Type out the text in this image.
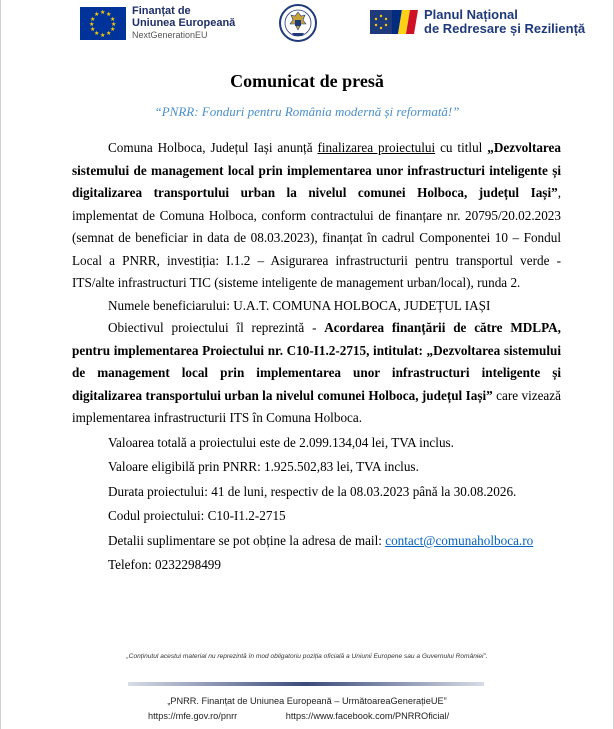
★ ★
★
★
★
★
★
★
★
★
★
★	Finanțat de
Uniunea Europeană
NextGenerationEU
Planul Național
de Redresare și Reziliență
Comunicat de presă
“PNRR: Fonduri pentru România modernă și reformată!”

Comuna Holboca, Județul Iași anunță finalizarea proiectului cu titlul „Dezvoltarea sistemului de management local prin implementarea unor infrastructuri inteligente și digitalizarea transportului urban la nivelul comunei Holboca, județul Iași”, implementat de Comuna Holboca, conform contractului de finanțare nr. 20795/20.02.2023 (semnat de beneficiar in data de 08.03.2023), finanțat în cadrul Componentei 10 – Fondul Local a PNRR, investiția: I.1.2 – Asigurarea infrastructurii pentru transportul verde - ITS/alte infrastructuri TIC (sisteme inteligente de management urban/local), runda 2.

Numele beneficiarului: U.A.T. COMUNA HOLBOCA, JUDEȚUL IAȘI

Obiectivul proiectului îl reprezintă - Acordarea finanțării de către MDLPA, pentru implementarea Proiectului nr. C10-I1.2-2715, intitulat: „Dezvoltarea sistemului de management local prin implementarea unor infrastructuri inteligente și digitalizarea transportului urban la nivelul comunei Holboca, județul Iași” care vizează implementarea infrastructurii ITS în Comuna Holboca.

Valoarea totală a proiectului este de 2.099.134,04 lei, TVA inclus.
Valoare eligibilă prin PNRR: 1.925.502,83 lei, TVA inclus.
Durata proiectului: 41 de luni, respectiv de la 08.03.2023 până la 30.08.2026.
Codul proiectului: C10-I1.2-2715
Detalii suplimentare se pot obține la adresa de mail: contact@comunaholboca.ro
Telefon: 0232298499
„Conținutul acestui material nu reprezintă în mod obligatoriu poziția oficială a Uniunii Europene sau a Guvernului României”.
„PNRR. Finanțat de Uniunea Europeană – UrmătoareaGenerațieUE”
https://mfe.gov.ro/pnrr	https://www.facebook.com/PNRROficial/
